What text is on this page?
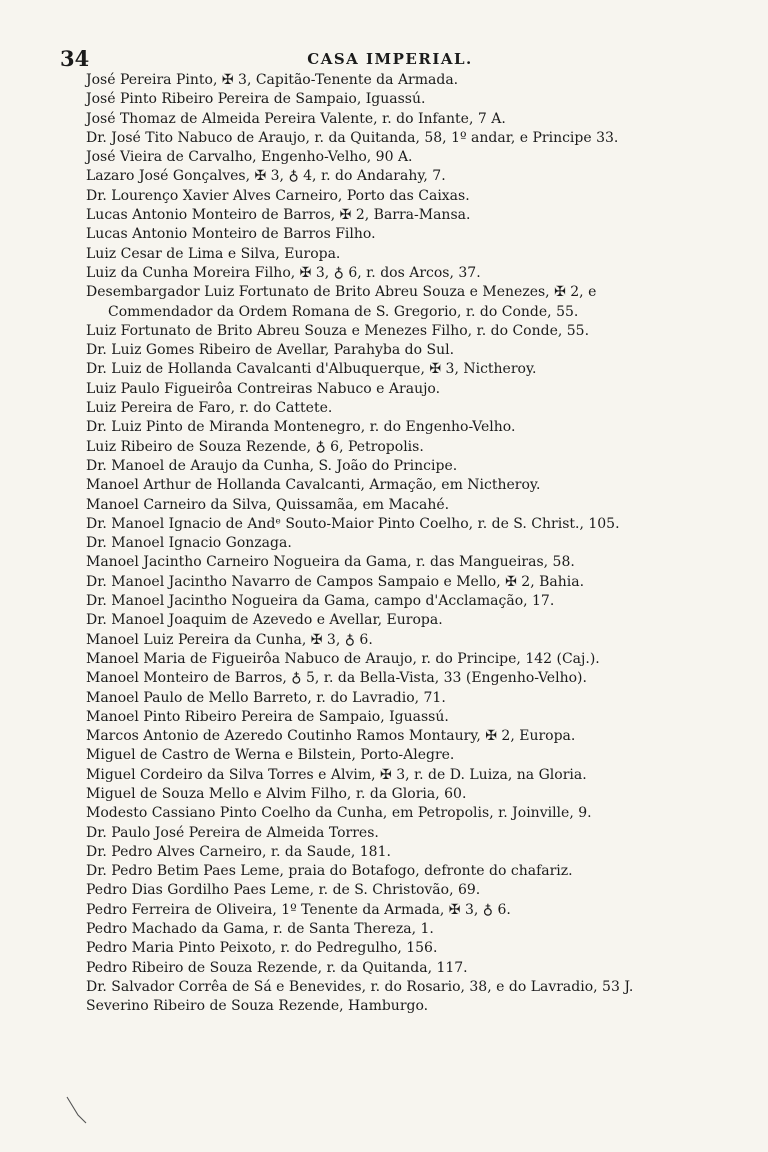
34	CASA IMPERIAL.
José Pereira Pinto, ✠ 3, Capitão-Tenente da Armada.
José Pinto Ribeiro Pereira de Sampaio, Iguassú.
José Thomaz de Almeida Pereira Valente, r. do Infante, 7 A.
Dr. José Tito Nabuco de Araujo, r. da Quitanda, 58, 1º andar, e Principe 33.
José Vieira de Carvalho, Engenho-Velho, 90 A.
Lazaro José Gonçalves, ✠ 3, ♁ 4, r. do Andarahy, 7.
Dr. Lourenço Xavier Alves Carneiro, Porto das Caixas.
Lucas Antonio Monteiro de Barros, ✠ 2, Barra-Mansa.
Lucas Antonio Monteiro de Barros Filho.
Luiz Cesar de Lima e Silva, Europa.
Luiz da Cunha Moreira Filho, ✠ 3, ♁ 6, r. dos Arcos, 37.
Desembargador Luiz Fortunato de Brito Abreu Souza e Menezes, ✠ 2, e
Commendador da Ordem Romana de S. Gregorio, r. do Conde, 55.
Luiz Fortunato de Brito Abreu Souza e Menezes Filho, r. do Conde, 55.
Dr. Luiz Gomes Ribeiro de Avellar, Parahyba do Sul.
Dr. Luiz de Hollanda Cavalcanti d'Albuquerque, ✠ 3, Nictheroy.
Luiz Paulo Figueirôa Contreiras Nabuco e Araujo.
Luiz Pereira de Faro, r. do Cattete.
Dr. Luiz Pinto de Miranda Montenegro, r. do Engenho-Velho.
Luiz Ribeiro de Souza Rezende, ♁ 6, Petropolis.
Dr. Manoel de Araujo da Cunha, S. João do Principe.
Manoel Arthur de Hollanda Cavalcanti, Armação, em Nictheroy.
Manoel Carneiro da Silva, Quissamãa, em Macahé.
Dr. Manoel Ignacio de Andᵉ Souto-Maior Pinto Coelho, r. de S. Christ., 105.
Dr. Manoel Ignacio Gonzaga.
Manoel Jacintho Carneiro Nogueira da Gama, r. das Mangueiras, 58.
Dr. Manoel Jacintho Navarro de Campos Sampaio e Mello, ✠ 2, Bahia.
Dr. Manoel Jacintho Nogueira da Gama, campo d'Acclamação, 17.
Dr. Manoel Joaquim de Azevedo e Avellar, Europa.
Manoel Luiz Pereira da Cunha, ✠ 3, ♁ 6.
Manoel Maria de Figueirôa Nabuco de Araujo, r. do Principe, 142 (Caj.).
Manoel Monteiro de Barros, ♁ 5, r. da Bella-Vista, 33 (Engenho-Velho).
Manoel Paulo de Mello Barreto, r. do Lavradio, 71.
Manoel Pinto Ribeiro Pereira de Sampaio, Iguassú.
Marcos Antonio de Azeredo Coutinho Ramos Montaury, ✠ 2, Europa.
Miguel de Castro de Werna e Bilstein, Porto-Alegre.
Miguel Cordeiro da Silva Torres e Alvim, ✠ 3, r. de D. Luiza, na Gloria.
Miguel de Souza Mello e Alvim Filho, r. da Gloria, 60.
Modesto Cassiano Pinto Coelho da Cunha, em Petropolis, r. Joinville, 9.
Dr. Paulo José Pereira de Almeida Torres.
Dr. Pedro Alves Carneiro, r. da Saude, 181.
Dr. Pedro Betim Paes Leme, praia do Botafogo, defronte do chafariz.
Pedro Dias Gordilho Paes Leme, r. de S. Christovão, 69.
Pedro Ferreira de Oliveira, 1º Tenente da Armada, ✠ 3, ♁ 6.
Pedro Machado da Gama, r. de Santa Thereza, 1.
Pedro Maria Pinto Peixoto, r. do Pedregulho, 156.
Pedro Ribeiro de Souza Rezende, r. da Quitanda, 117.
Dr. Salvador Corrêa de Sá e Benevides, r. do Rosario, 38, e do Lavradio, 53 J.
Severino Ribeiro de Souza Rezende, Hamburgo.
